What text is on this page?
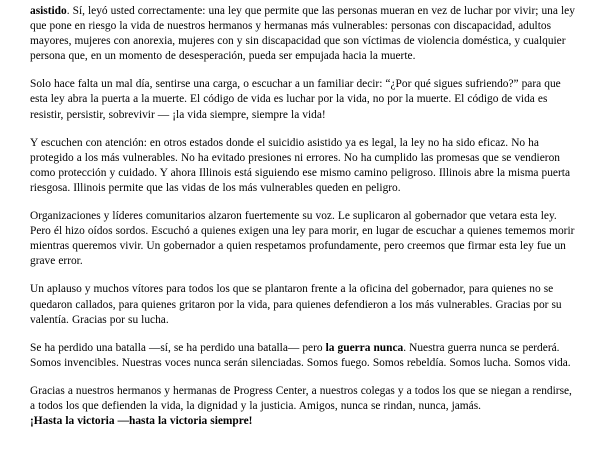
asistido. Sí, leyó usted correctamente: una ley que permite que las personas mueran en vez de luchar por vivir; una ley que pone en riesgo la vida de nuestros hermanos y hermanas más vulnerables: personas con discapacidad, adultos mayores, mujeres con anorexia, mujeres con y sin discapacidad que son víctimas de violencia doméstica, y cualquier persona que, en un momento de desesperación, pueda ser empujada hacia la muerte.

Solo hace falta un mal día, sentirse una carga, o escuchar a un familiar decir: “¿Por qué sigues sufriendo?” para que esta ley abra la puerta a la muerte. El código de vida es luchar por la vida, no por la muerte. El código de vida es resistir, persistir, sobrevivir — ¡la vida siempre, siempre la vida!

Y escuchen con atención: en otros estados donde el suicidio asistido ya es legal, la ley no ha sido eficaz. No ha protegido a los más vulnerables. No ha evitado presiones ni errores. No ha cumplido las promesas que se vendieron como protección y cuidado. Y ahora Illinois está siguiendo ese mismo camino peligroso. Illinois abre la misma puerta riesgosa. Illinois permite que las vidas de los más vulnerables queden en peligro.

Organizaciones y líderes comunitarios alzaron fuertemente su voz. Le suplicaron al gobernador que vetara esta ley. Pero él hizo oídos sordos. Escuchó a quienes exigen una ley para morir, en lugar de escuchar a quienes tememos morir mientras queremos vivir. Un gobernador a quien respetamos profundamente, pero creemos que firmar esta ley fue un grave error.

Un aplauso y muchos vítores para todos los que se plantaron frente a la oficina del gobernador, para quienes no se quedaron callados, para quienes gritaron por la vida, para quienes defendieron a los más vulnerables. Gracias por su valentía. Gracias por su lucha.

Se ha perdido una batalla —sí, se ha perdido una batalla— pero la guerra nunca. Nuestra guerra nunca se perderá. Somos invencibles. Nuestras voces nunca serán silenciadas. Somos fuego. Somos rebeldía. Somos lucha. Somos vida.

Gracias a nuestros hermanos y hermanas de Progress Center, a nuestros colegas y a todos los que se niegan a rendirse, a todos los que defienden la vida, la dignidad y la justicia. Amigos, nunca se rindan, nunca, jamás.

¡Hasta la victoria —hasta la victoria siempre!
